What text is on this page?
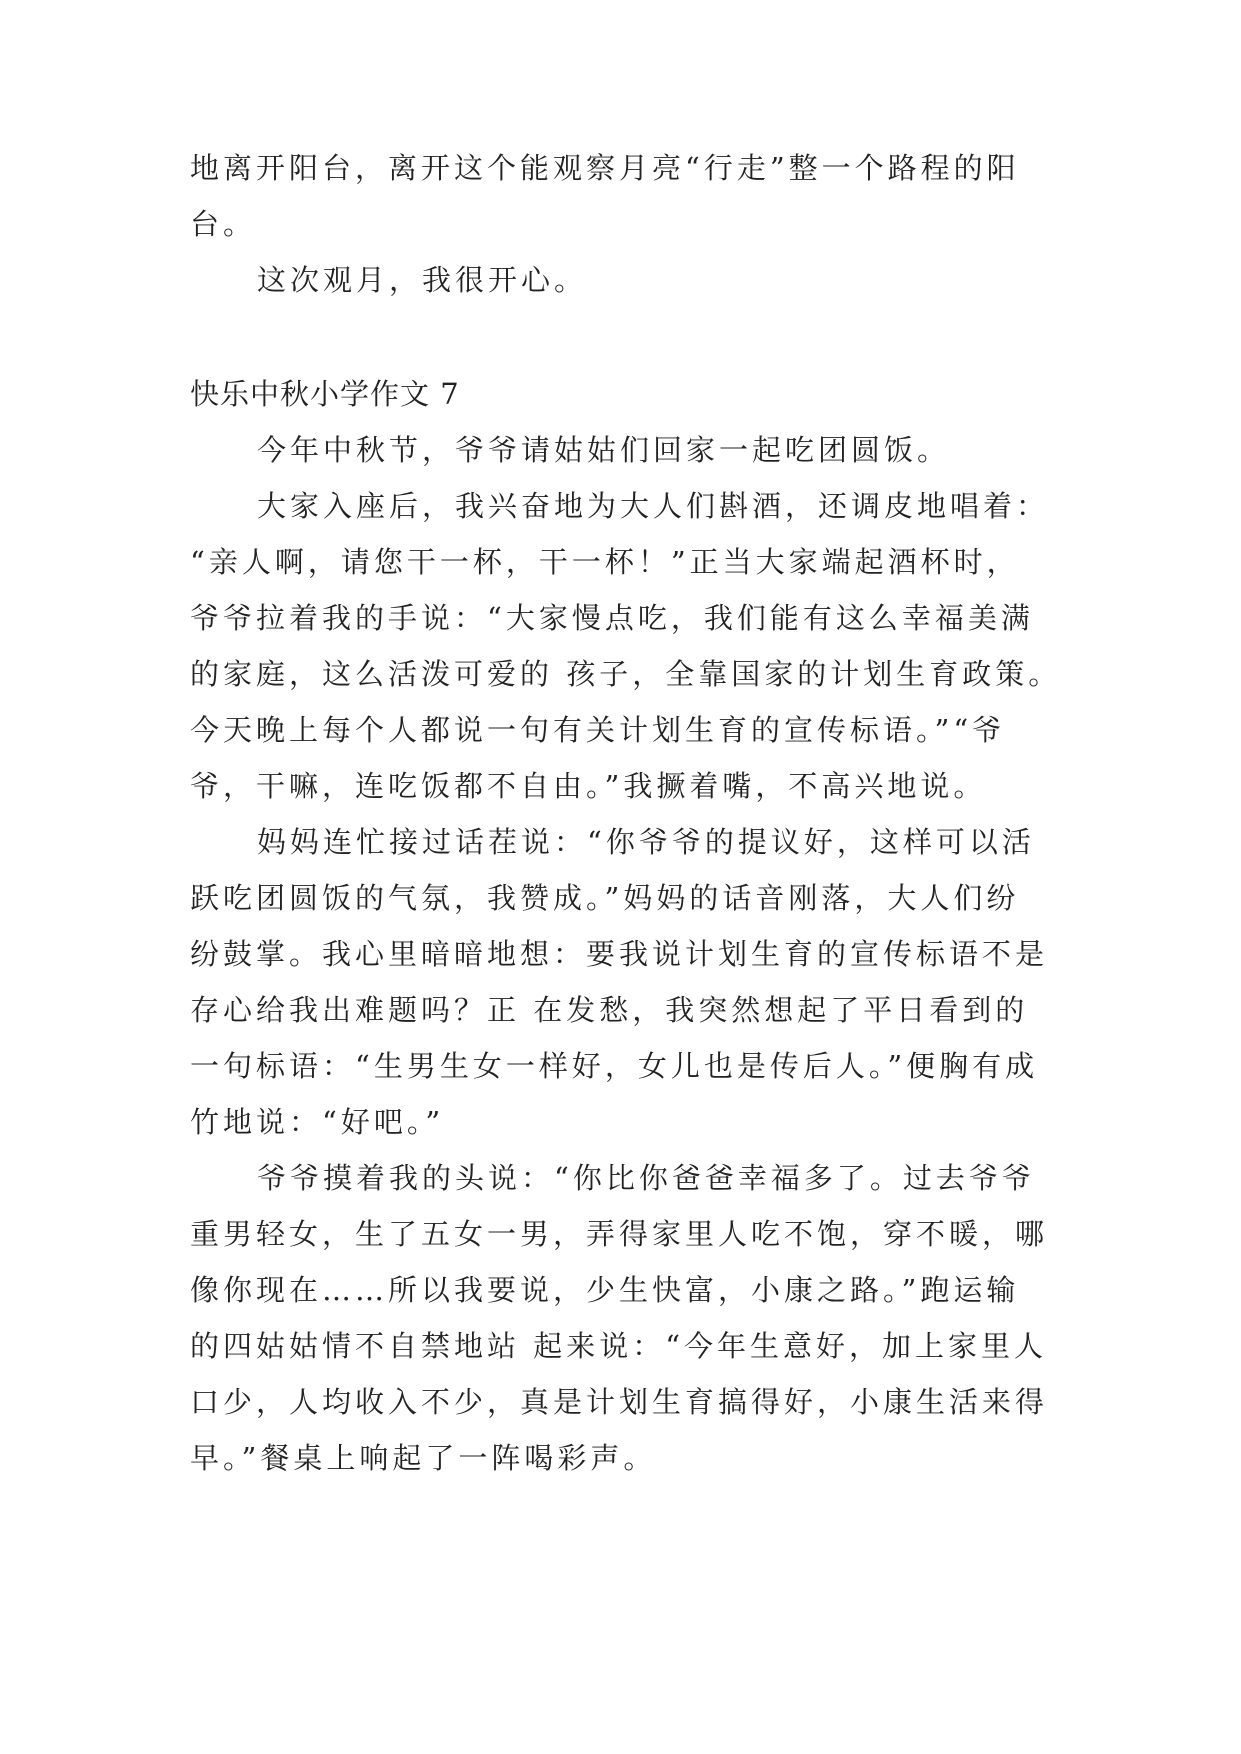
地离开阳台，离开这个能观察月亮“行走”整一个路程的阳
台。
这次观月，我很开心。
快乐中秋小学作文 7
今年中秋节，爷爷请姑姑们回家一起吃团圆饭。
大家入座后，我兴奋地为大人们斟酒，还调皮地唱着：
“亲人啊，请您干一杯，干一杯！”正当大家端起酒杯时，
爷爷拉着我的手说：“大家慢点吃，我们能有这么幸福美满
的家庭，这么活泼可爱的 孩子，全靠国家的计划生育政策。
今天晚上每个人都说一句有关计划生育的宣传标语。”“爷
爷，干嘛，连吃饭都不自由。”我撅着嘴，不高兴地说。
妈妈连忙接过话茬说：“你爷爷的提议好，这样可以活
跃吃团圆饭的气氛，我赞成。”妈妈的话音刚落，大人们纷
纷鼓掌。我心里暗暗地想：要我说计划生育的宣传标语不是
存心给我出难题吗？正 在发愁，我突然想起了平日看到的
一句标语：“生男生女一样好，女儿也是传后人。”便胸有成
竹地说：“好吧。”
爷爷摸着我的头说：“你比你爸爸幸福多了。过去爷爷
重男轻女，生了五女一男，弄得家里人吃不饱，穿不暖，哪
像你现在……所以我要说，少生快富，小康之路。”跑运输
的四姑姑情不自禁地站 起来说：“今年生意好，加上家里人
口少，人均收入不少，真是计划生育搞得好，小康生活来得
早。”餐桌上响起了一阵喝彩声。
